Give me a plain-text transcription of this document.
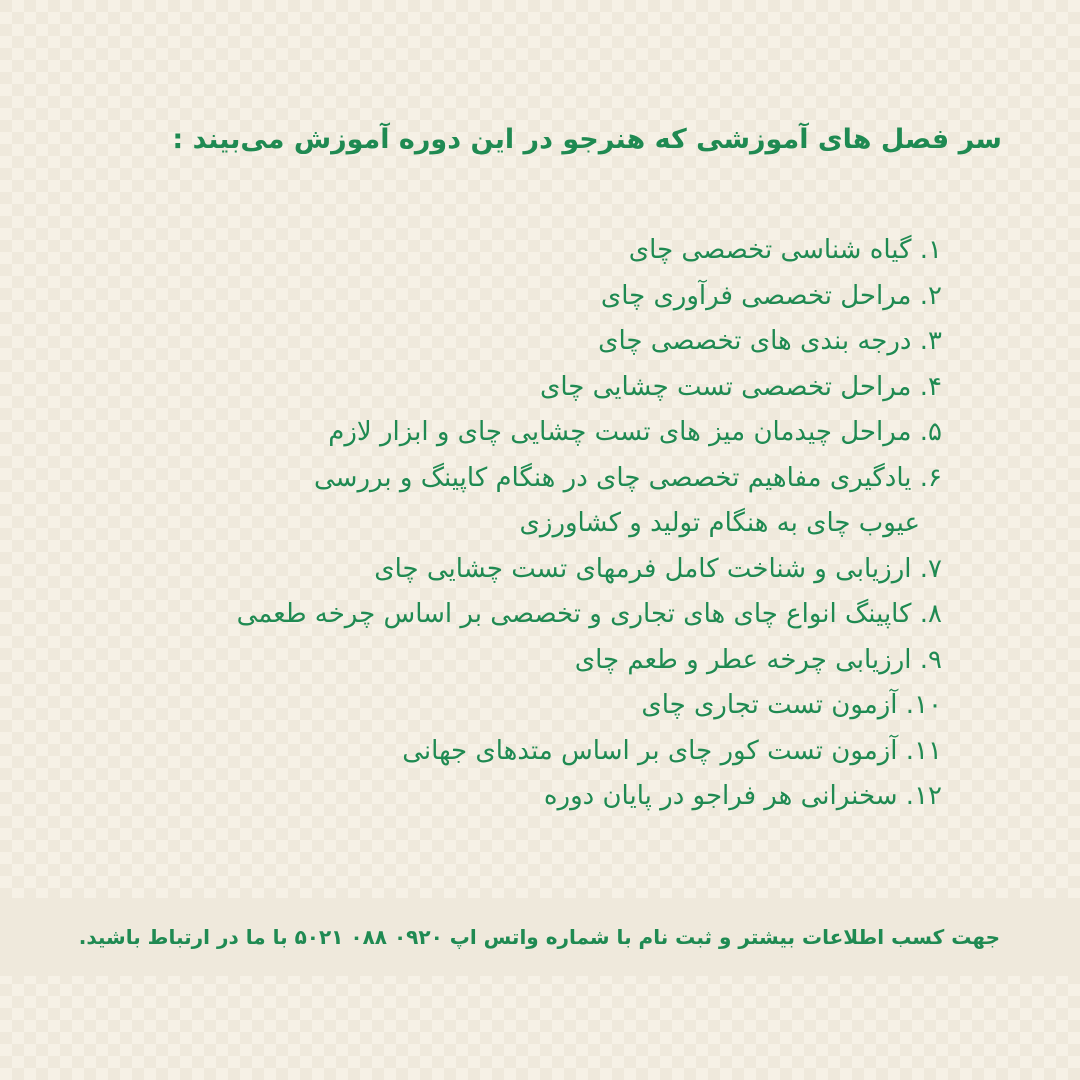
سر فصل های آموزشی که هنرجو در این دوره آموزش می‌بیند :
۱. گیاه شناسی تخصصی چای
۲. مراحل تخصصی فرآوری چای
۳. درجه بندی های تخصصی چای
۴. مراحل تخصصی تست چشایی چای
۵. مراحل چیدمان میز های تست چشایی چای و ابزار لازم
۶. یادگیری مفاهیم تخصصی چای در هنگام کاپینگ و بررسی
عیوب چای به هنگام تولید و کشاورزی
۷. ارزیابی و شناخت کامل فرمهای تست چشایی چای
۸. کاپینگ انواع چای های تجاری و تخصصی بر اساس چرخه طعمی
۹. ارزیابی چرخه عطر و طعم چای
۱۰. آزمون تست تجاری چای
۱۱. آزمون تست کور چای بر اساس متدهای جهانی
۱۲. سخنرانی هر فراجو در پایان دوره

جهت کسب اطلاعات بیشتر و ثبت نام با شماره واتس اپ ۰۹۲۰ ۰۸۸ ۵۰۲۱ با ما در ارتباط باشید.
